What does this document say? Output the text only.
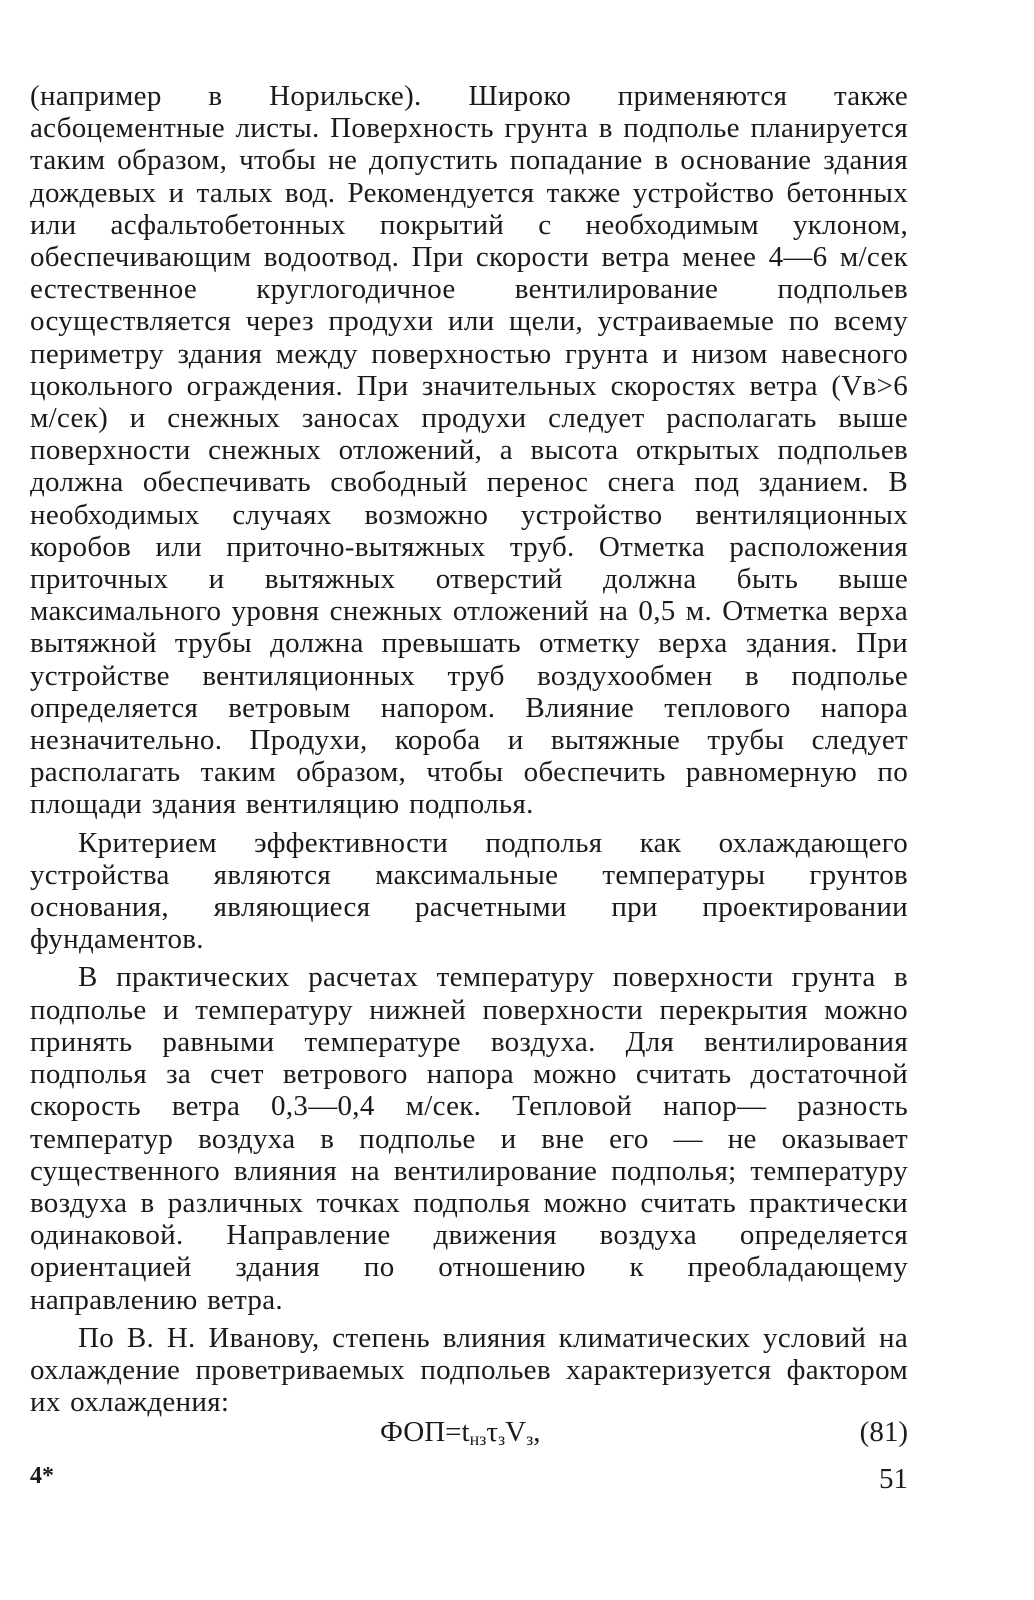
(например в Норильске). Широко применяются также асбоцементные листы. Поверхность грунта в подполье планируется таким образом, чтобы не допустить попадание в основание здания дождевых и талых вод. Рекомендуется также устройство бетонных или асфальтобетонных покрытий с необходимым уклоном, обеспечивающим водоотвод. При скорости ветра менее 4—6 м/сек естественное круглогодичное вентилирование подпольев осуществляется через продухи или щели, устраиваемые по всему периметру здания между поверхностью грунта и низом навесного цокольного ограждения. При значительных скоростях ветра (Vв>6 м/сек) и снежных заносах продухи следует располагать выше поверхности снежных отложений, а высота открытых подпольев должна обеспечивать свободный перенос снега под зданием. В необходимых случаях возможно устройство вентиляционных коробов или приточно-вытяжных труб. Отметка расположения приточных и вытяжных отверстий должна быть выше максимального уровня снежных отложений на 0,5 м. Отметка верха вытяжной трубы должна превышать отметку верха здания. При устройстве вентиляционных труб воздухообмен в подполье определяется ветровым напором. Влияние теплового напора незначительно. Продухи, короба и вытяжные трубы следует располагать таким образом, чтобы обеспечить равномерную по площади здания вентиляцию подполья.

Критерием эффективности подполья как охлаждающего устройства являются максимальные температуры грунтов основания, являющиеся расчетными при проектировании фундаментов.

В практических расчетах температуру поверхности грунта в подполье и температуру нижней поверхности перекрытия можно принять равными температуре воздуха. Для вентилирования подполья за счет ветрового напора можно считать достаточной скорость ветра 0,3—0,4 м/сек. Тепловой напор— разность температур воздуха в подполье и вне его — не оказывает существенного влияния на вентилирование подполья; температуру воздуха в различных точках подполья можно считать практически одинаковой. Направление движения воздуха определяется ориентацией здания по отношению к преобладающему направлению ветра.

По В. Н. Иванову, степень влияния климатических условий на охлаждение проветриваемых подпольев характеризуется фактором их охлаждения:

$ФОП=t_{нз}\tau_зV_з$,	(81)
4*	51
